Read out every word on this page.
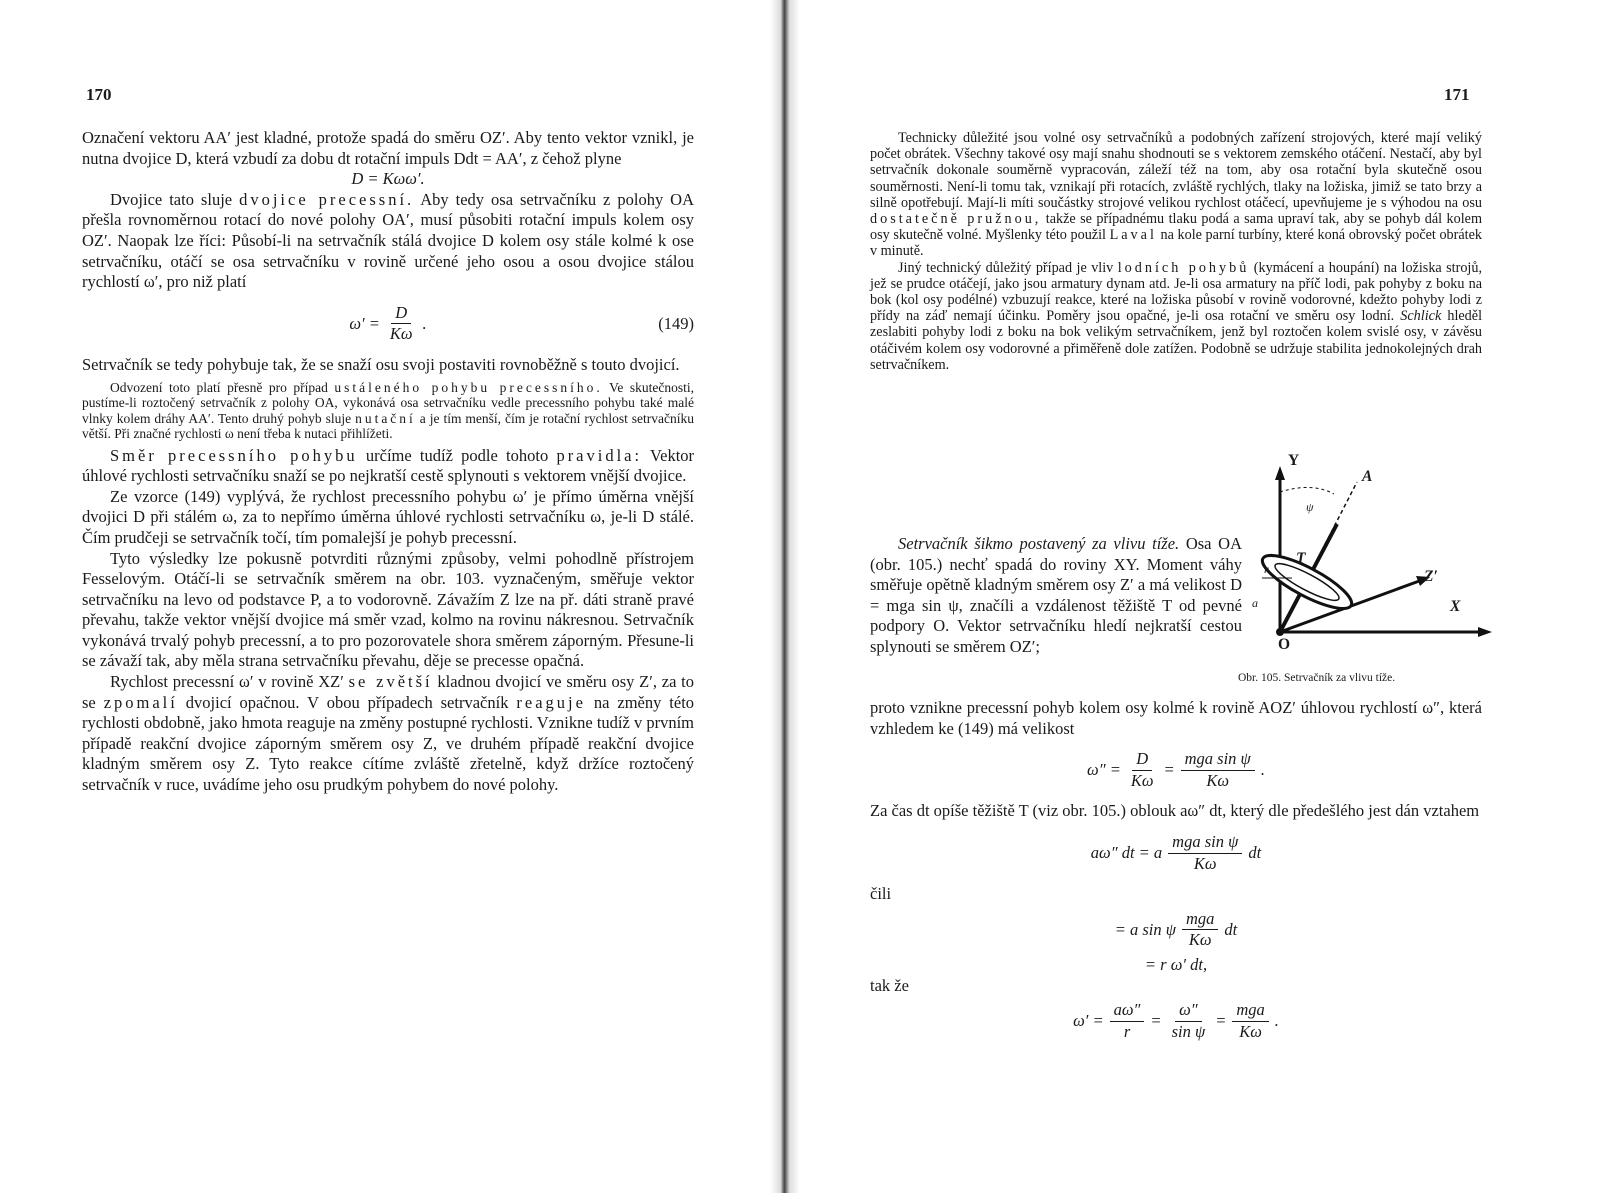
170

Označení vektoru AA′ jest kladné, protože spadá do směru OZ′. Aby tento vektor vznikl, je nutna dvojice D, která vzbudí za dobu dt rotační impuls Ddt = AA′, z čehož plyne

D = Kωω′.

Dvojice tato sluje dvojice precessní. Aby tedy osa setrvačníku z polohy OA přešla rovnoměrnou rotací do nové polohy OA′, musí působiti rotační impuls kolem osy OZ′. Naopak lze říci: Působí-li na setrvačník stálá dvojice D kolem osy stále kolmé k ose setrvačníku, otáčí se osa setrvačníku v rovině určené jeho osou a osou dvojice stálou rychlostí ω′, pro niž platí

$\omega' = \frac{D}{K\omega}$ .	(149)

Setrvačník se tedy pohybuje tak, že se snaží osu svoji postaviti rovnoběžně s touto dvojicí.

Odvození toto platí přesně pro případ ustáleného pohybu precessního. Ve skutečnosti, pustíme-li roztočený setrvačník z polohy OA, vykonává osa setrvačníku vedle precessního pohybu také malé vlnky kolem dráhy AA′. Tento druhý pohyb sluje nutační a je tím menší, čím je rotační rychlost setrvačníku větší. Při značné rychlosti ω není třeba k nutaci přihlížeti.

Směr precessního pohybu určíme tudíž podle tohoto pravidla: Vektor úhlové rychlosti setrvačníku snaží se po nejkratší cestě splynouti s vektorem vnější dvojice.

Ze vzorce (149) vyplývá, že rychlost precessního pohybu ω′ je přímo úměrna vnější dvojici D při stálém ω, za to nepřímo úměrna úhlové rychlosti setrvačníku ω, je-li D stálé. Čím prudčeji se setrvačník točí, tím pomalejší je pohyb precessní.

Tyto výsledky lze pokusně potvrditi různými způsoby, velmi pohodlně přístrojem Fesselovým. Otáčí-li se setrvačník směrem na obr. 103. vyznačeným, směřuje vektor setrvačníku na levo od podstavce P, a to vodorovně. Závažím Z lze na př. dáti straně pravé převahu, takže vektor vnější dvojice má směr vzad, kolmo na rovinu nákresnou. Setrvačník vykonává trvalý pohyb precessní, a to pro pozorovatele shora směrem záporným. Přesune-li se závaží tak, aby měla strana setrvačníku převahu, děje se precesse opačná.

Rychlost precessní ω′ v rovině XZ′ se zvětší kladnou dvojicí ve směru osy Z′, za to se zpomalí dvojicí opačnou. V obou případech setrvačník reaguje na změny této rychlosti obdobně, jako hmota reaguje na změny postupné rychlosti. Vznikne tudíž v prvním případě reakční dvojice záporným směrem osy Z, ve druhém případě reakční dvojice kladným směrem osy Z. Tyto reakce cítíme zvláště zřetelně, když držíce roztočený setrvačník v ruce, uvádíme jeho osu prudkým pohybem do nové polohy.

171

Technicky důležité jsou volné osy setrvačníků a podobných zařízení strojových, které mají veliký počet obrátek. Všechny takové osy mají snahu shodnouti se s vektorem zemského otáčení. Nestačí, aby byl setrvačník dokonale souměrně vypracován, záleží též na tom, aby osa rotační byla skutečně osou souměrnosti. Není-li tomu tak, vznikají při rotacích, zvláště rychlých, tlaky na ložiska, jimiž se tato brzy a silně opotřebují. Mají-li míti součástky strojové velikou rychlost otáčecí, upevňujeme je s výhodou na osu dostatečně pružnou, takže se případnému tlaku podá a sama upraví tak, aby se pohyb dál kolem osy skutečně volné. Myšlenky této použil Laval na kole parní turbíny, které koná obrovský počet obrátek v minutě.

Jiný technický důležitý případ je vliv lodních pohybů (kymácení a houpání) na ložiska strojů, jež se prudce otáčejí, jako jsou armatury dynam atd. Je-li osa armatury na příč lodi, pak pohyby z boku na bok (kol osy podélné) vzbuzují reakce, které na ložiska působí v rovině vodorovné, kdežto pohyby lodi z přídy na záď nemají účinku. Poměry jsou opačné, je-li osa rotační ve směru osy lodní. Schlick hleděl zeslabiti pohyby lodi z boku na bok velikým setrvačníkem, jenž byl roztočen kolem svislé osy, v závěsu otáčivém kolem osy vodorovné a přiměřeně dole zatížen. Podobně se udržuje stabilita jednokolejných drah setrvačníkem.

Setrvačník šikmo postavený za vlivu tíže. Osa OA (obr. 105.) nechť spadá do roviny XY. Moment váhy směřuje opětně kladným směrem osy Z′ a má velikost D = mga sin ψ, značíli a vzdálenost těžiště T od pevné podpory O. Vektor setrvačníku hledí nejkratší cestou splynouti se směrem OZ′;

proto vznikne precessní pohyb kolem osy kolmé k rovině AOZ′ úhlovou rychlostí ω″, která vzhledem ke (149) má velikost

$\omega'' = \frac{D}{K\omega} = \frac{\text{mga sin ψ}}{K\omega}$ .

Za čas dt opíše těžiště T (viz obr. 105.) oblouk aω″ dt, který dle předešlého jest dán vztahem

aω″ dt = a $\frac{\text{mga sin ψ}}{K\omega}$ dt

čili

= a sin ψ $\frac{\text{mga}}{K\omega}$ dt

= r ω′ dt,

tak že

$\omega' = \frac{a\omega''}{r} = \frac{\omega''}{\text{sin ψ}} = \frac{\text{mga}}{K\omega}$ .
Y
A
Z′
X
O
T
ψ
a
r
Obr. 105. Setrvačník za vlivu tíže.
